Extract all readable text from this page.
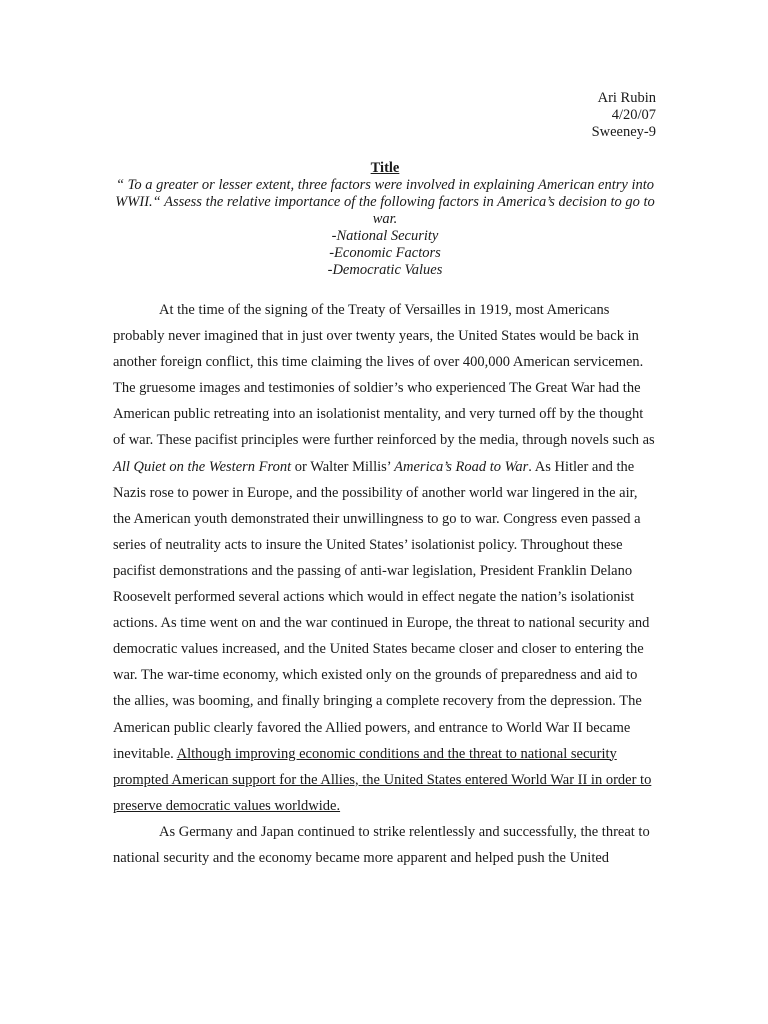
Ari Rubin
4/20/07
Sweeney-9
Title
“ To a greater or lesser extent, three factors were involved in explaining American entry into WWII.“ Assess the relative importance of the following factors in America’s decision to go to war.
-National Security
-Economic Factors
-Democratic Values

At the time of the signing of the Treaty of Versailles in 1919, most Americans probably never imagined that in just over twenty years, the United States would be back in another foreign conflict, this time claiming the lives of over 400,000 American servicemen. The gruesome images and testimonies of soldier’s who experienced The Great War had the American public retreating into an isolationist mentality, and very turned off by the thought of war. These pacifist principles were further reinforced by the media, through novels such as All Quiet on the Western Front or Walter Millis’ America’s Road to War. As Hitler and the Nazis rose to power in Europe, and the possibility of another world war lingered in the air, the American youth demonstrated their unwillingness to go to war. Congress even passed a series of neutrality acts to insure the United States’ isolationist policy. Throughout these pacifist demonstrations and the passing of anti-war legislation, President Franklin Delano Roosevelt performed several actions which would in effect negate the nation’s isolationist actions. As time went on and the war continued in Europe, the threat to national security and democratic values increased, and the United States became closer and closer to entering the war. The war-time economy, which existed only on the grounds of preparedness and aid to the allies, was booming, and finally bringing a complete recovery from the depression. The American public clearly favored the Allied powers, and entrance to World War II became inevitable. Although improving economic conditions and the threat to national security prompted American support for the Allies, the United States entered World War II in order to preserve democratic values worldwide.

As Germany and Japan continued to strike relentlessly and successfully, the threat to national security and the economy became more apparent and helped push the United
